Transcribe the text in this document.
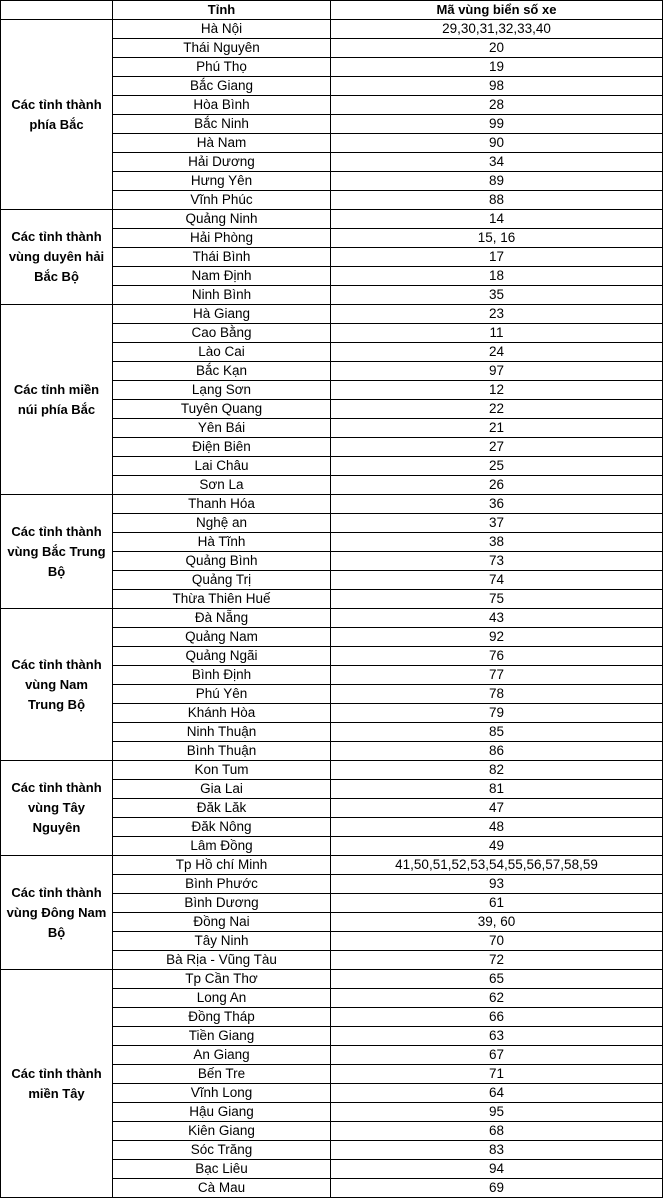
	Tỉnh	Mã vùng biển số xe

Các tỉnh thành
phía Bắc	Hà Nội	29,30,31,32,33,40
	Thái Nguyên	20
	Phú Thọ	19
	Bắc Giang	98
	Hòa Bình	28
	Bắc Ninh	99
	Hà Nam	90
	Hải Dương	34
	Hưng Yên	89
	Vĩnh Phúc	88

Các tỉnh thành
vùng duyên hải
Bắc Bộ	Quảng Ninh	14
	Hải Phòng	15, 16
	Thái Bình	17
	Nam Định	18
	Ninh Bình	35

Các tỉnh miền
núi phía Bắc	Hà Giang	23
	Cao Bằng	11
	Lào Cai	24
	Bắc Kạn	97
	Lạng Sơn	12
	Tuyên Quang	22
	Yên Bái	21
	Điện Biên	27
	Lai Châu	25
	Sơn La	26

Các tỉnh thành
vùng Bắc Trung
Bộ	Thanh Hóa	36
	Nghệ an	37
	Hà Tĩnh	38
	Quảng Bình	73
	Quảng Trị	74
	Thừa Thiên Huế	75

Các tỉnh thành
vùng Nam
Trung Bộ	Đà Nẵng	43
	Quảng Nam	92
	Quảng Ngãi	76
	Bình Định	77
	Phú Yên	78
	Khánh Hòa	79
	Ninh Thuận	85
	Bình Thuận	86

Các tỉnh thành
vùng Tây
Nguyên	Kon Tum	82
	Gia Lai	81
	Đăk Lăk	47
	Đăk Nông	48
	Lâm Đồng	49

Các tỉnh thành
vùng Đông Nam
Bộ	Tp Hồ chí Minh	41,50,51,52,53,54,55,56,57,58,59
	Bình Phước	93
	Bình Dương	61
	Đồng Nai	39, 60
	Tây Ninh	70
	Bà Rịa - Vũng Tàu	72

Các tỉnh thành
miền Tây	Tp Cần Thơ	65
	Long An	62
	Đồng Tháp	66
	Tiền Giang	63
	An Giang	67
	Bến Tre	71
	Vĩnh Long	64
	Hậu Giang	95
	Kiên Giang	68
	Sóc Trăng	83
	Bạc Liêu	94
	Cà Mau	69
